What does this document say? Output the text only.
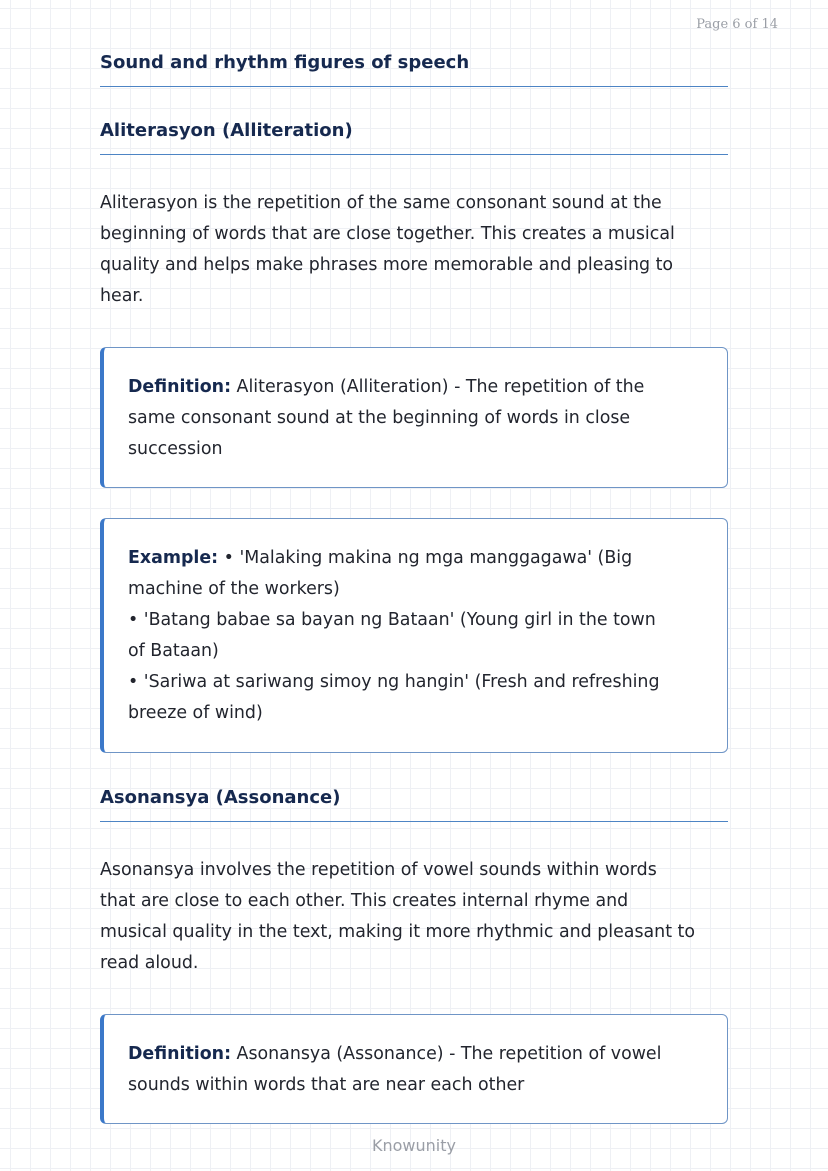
Page 6 of 14
Sound and rhythm figures of speech
Aliterasyon (Alliteration)

Aliterasyon is the repetition of the same consonant sound at the
beginning of words that are close together. This creates a musical
quality and helps make phrases more memorable and pleasing to
hear.

Definition: Aliterasyon (Alliteration) - The repetition of the
same consonant sound at the beginning of words in close
succession
Example: • 'Malaking makina ng mga manggagawa' (Big
machine of the workers)
• 'Batang babae sa bayan ng Bataan' (Young girl in the town
of Bataan)
• 'Sariwa at sariwang simoy ng hangin' (Fresh and refreshing
breeze of wind)
Asonansya (Assonance)

Asonansya involves the repetition of vowel sounds within words
that are close to each other. This creates internal rhyme and
musical quality in the text, making it more rhythmic and pleasant to
read aloud.

Definition: Asonansya (Assonance) - The repetition of vowel
sounds within words that are near each other
Knowunity
